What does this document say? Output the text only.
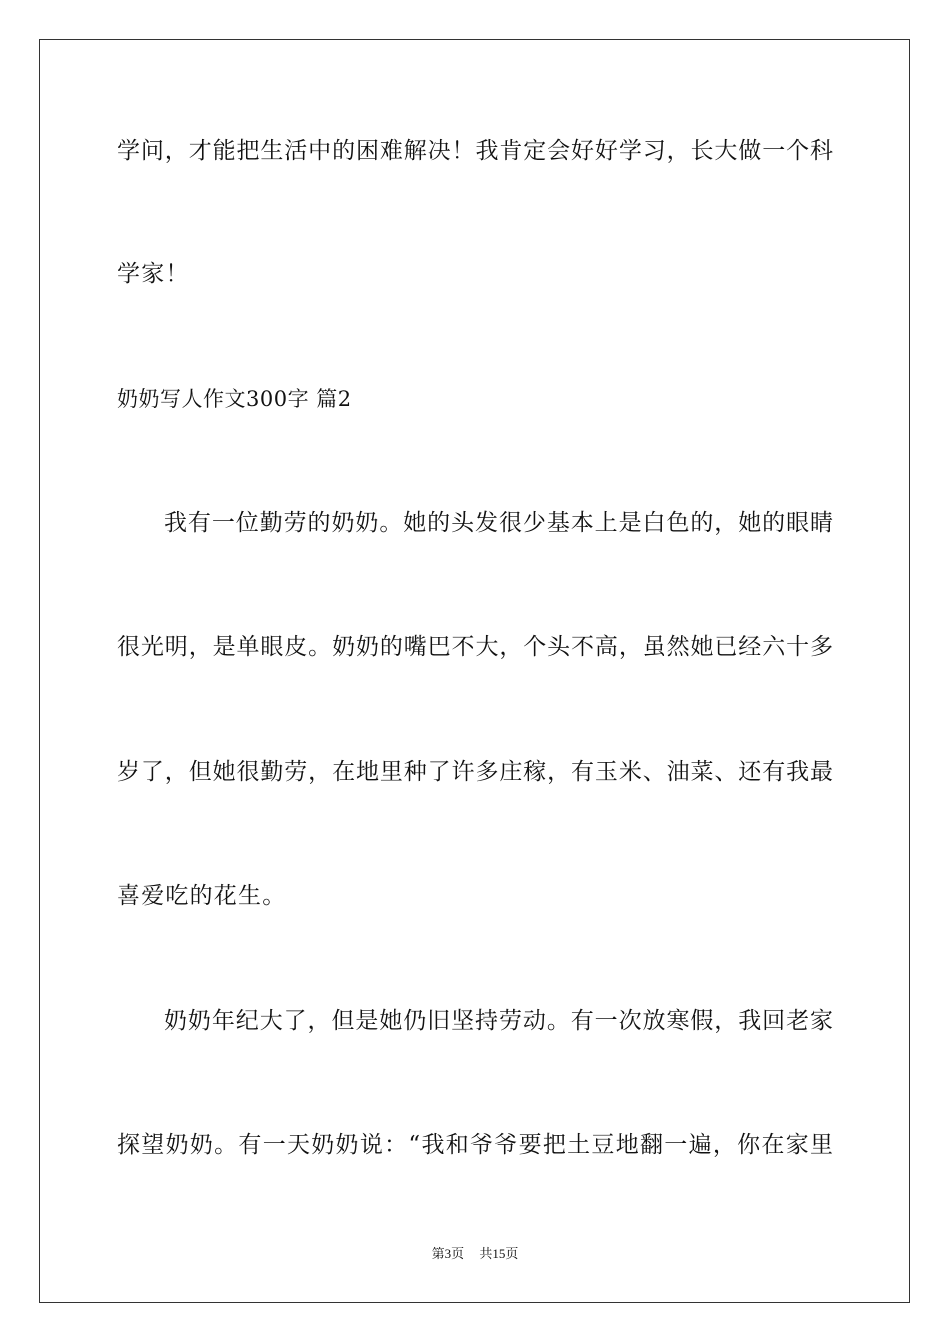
学问，才能把生活中的困难解决！我肯定会好好学习，长大做一个科
学家！
奶奶写人作文300字 篇2
我有一位勤劳的奶奶。她的头发很少基本上是白色的，她的眼睛
很光明，是单眼皮。奶奶的嘴巴不大，个头不高，虽然她已经六十多
岁了，但她很勤劳，在地里种了许多庄稼，有玉米、油菜、还有我最
喜爱吃的花生。
奶奶年纪大了，但是她仍旧坚持劳动。有一次放寒假，我回老家
探望奶奶。有一天奶奶说：“我和爷爷要把土豆地翻一遍，你在家里
第3页 共15页
